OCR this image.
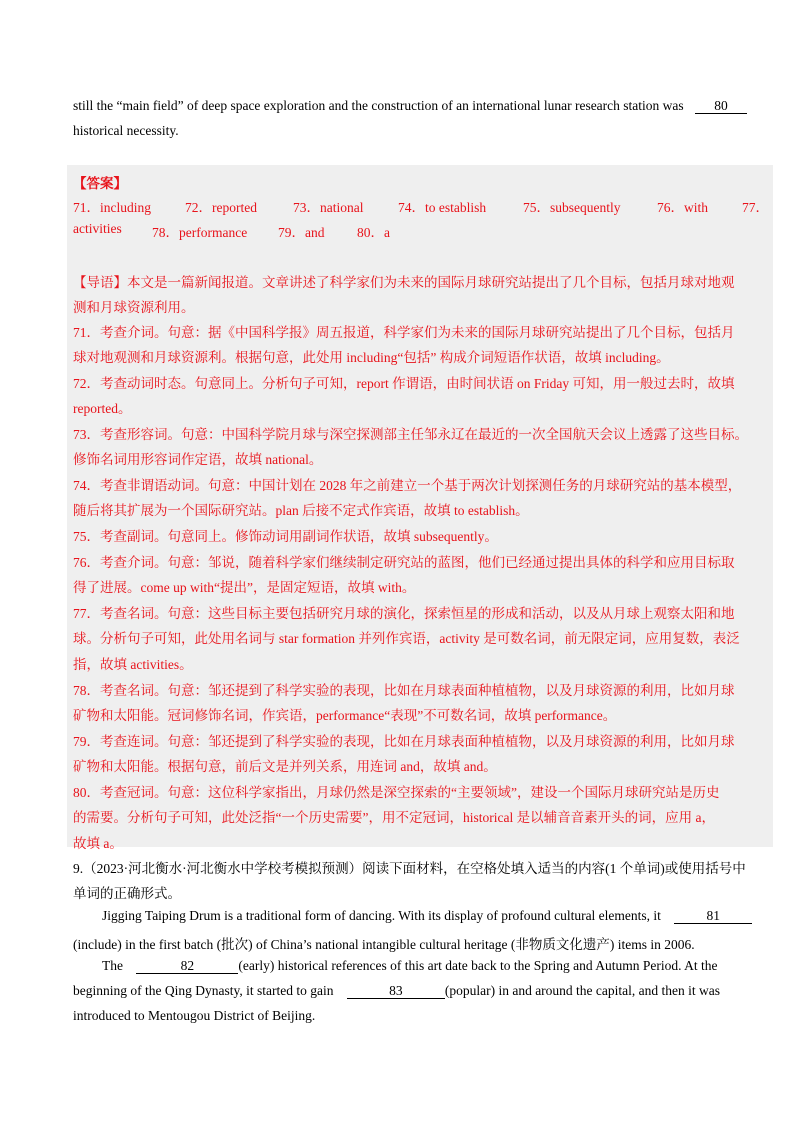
still the “main field” of deep space exploration and the construction of an international lunar research station was 80
historical necessity.
【答案】
71．including	72．reported	73．national	74．to establish	75．subsequently	76．with	77．
activities 78．performance 79．and 80．a
【导语】本文是一篇新闻报道。文章讲述了科学家们为未来的国际月球研究站提出了几个目标，包括月球对地观
测和月球资源利用。
71．考查介词。句意：据《中国科学报》周五报道，科学家们为未来的国际月球研究站提出了几个目标，包括月
球对地观测和月球资源利。根据句意，此处用 including“包括” 构成介词短语作状语，故填 including。
72．考查动词时态。句意同上。分析句子可知，report 作谓语，由时间状语 on Friday 可知，用一般过去时，故填
reported。
73．考查形容词。句意：中国科学院月球与深空探测部主任邹永辽在最近的一次全国航天会议上透露了这些目标。
修饰名词用形容词作定语，故填 national。
74．考查非谓语动词。句意：中国计划在 2028 年之前建立一个基于两次计划探测任务的月球研究站的基本模型，
随后将其扩展为一个国际研究站。plan 后接不定式作宾语，故填 to establish。
75．考查副词。句意同上。修饰动词用副词作状语，故填 subsequently。
76．考查介词。句意：邹说，随着科学家们继续制定研究站的蓝图，他们已经通过提出具体的科学和应用目标取
得了进展。come up with“提出”，是固定短语，故填 with。
77．考查名词。句意：这些目标主要包括研究月球的演化，探索恒星的形成和活动，以及从月球上观察太阳和地
球。分析句子可知，此处用名词与 star formation 并列作宾语，activity 是可数名词，前无限定词，应用复数，表泛
指，故填 activities。
78．考查名词。句意：邹还提到了科学实验的表现，比如在月球表面种植植物，以及月球资源的利用，比如月球
矿物和太阳能。冠词修饰名词，作宾语，performance“表现”不可数名词，故填 performance。
79．考查连词。句意：邹还提到了科学实验的表现，比如在月球表面种植植物，以及月球资源的利用，比如月球
矿物和太阳能。根据句意，前后文是并列关系，用连词 and，故填 and。
80．考查冠词。句意：这位科学家指出，月球仍然是深空探索的“主要领域”，建设一个国际月球研究站是历史
的需要。分析句子可知，此处泛指“一个历史需要”，用不定冠词，historical 是以辅音音素开头的词，应用 a，
故填 a。
9.（2023·河北衡水·河北衡水中学校考模拟预测）阅读下面材料，在空格处填入适当的内容(1 个单词)或使用括号中
单词的正确形式。
Jigging Taiping Drum is a traditional form of dancing. With its display of profound cultural elements, it	81
(include) in the first batch (批次) of China’s national intangible cultural heritage (非物质文化遗产) items in 2006.
The	82	(early) historical references of this art date back to the Spring and Autumn Period. At the
beginning of the Qing Dynasty, it started to gain	83	(popular) in and around the capital, and then it was
introduced to Mentougou District of Beijing.
